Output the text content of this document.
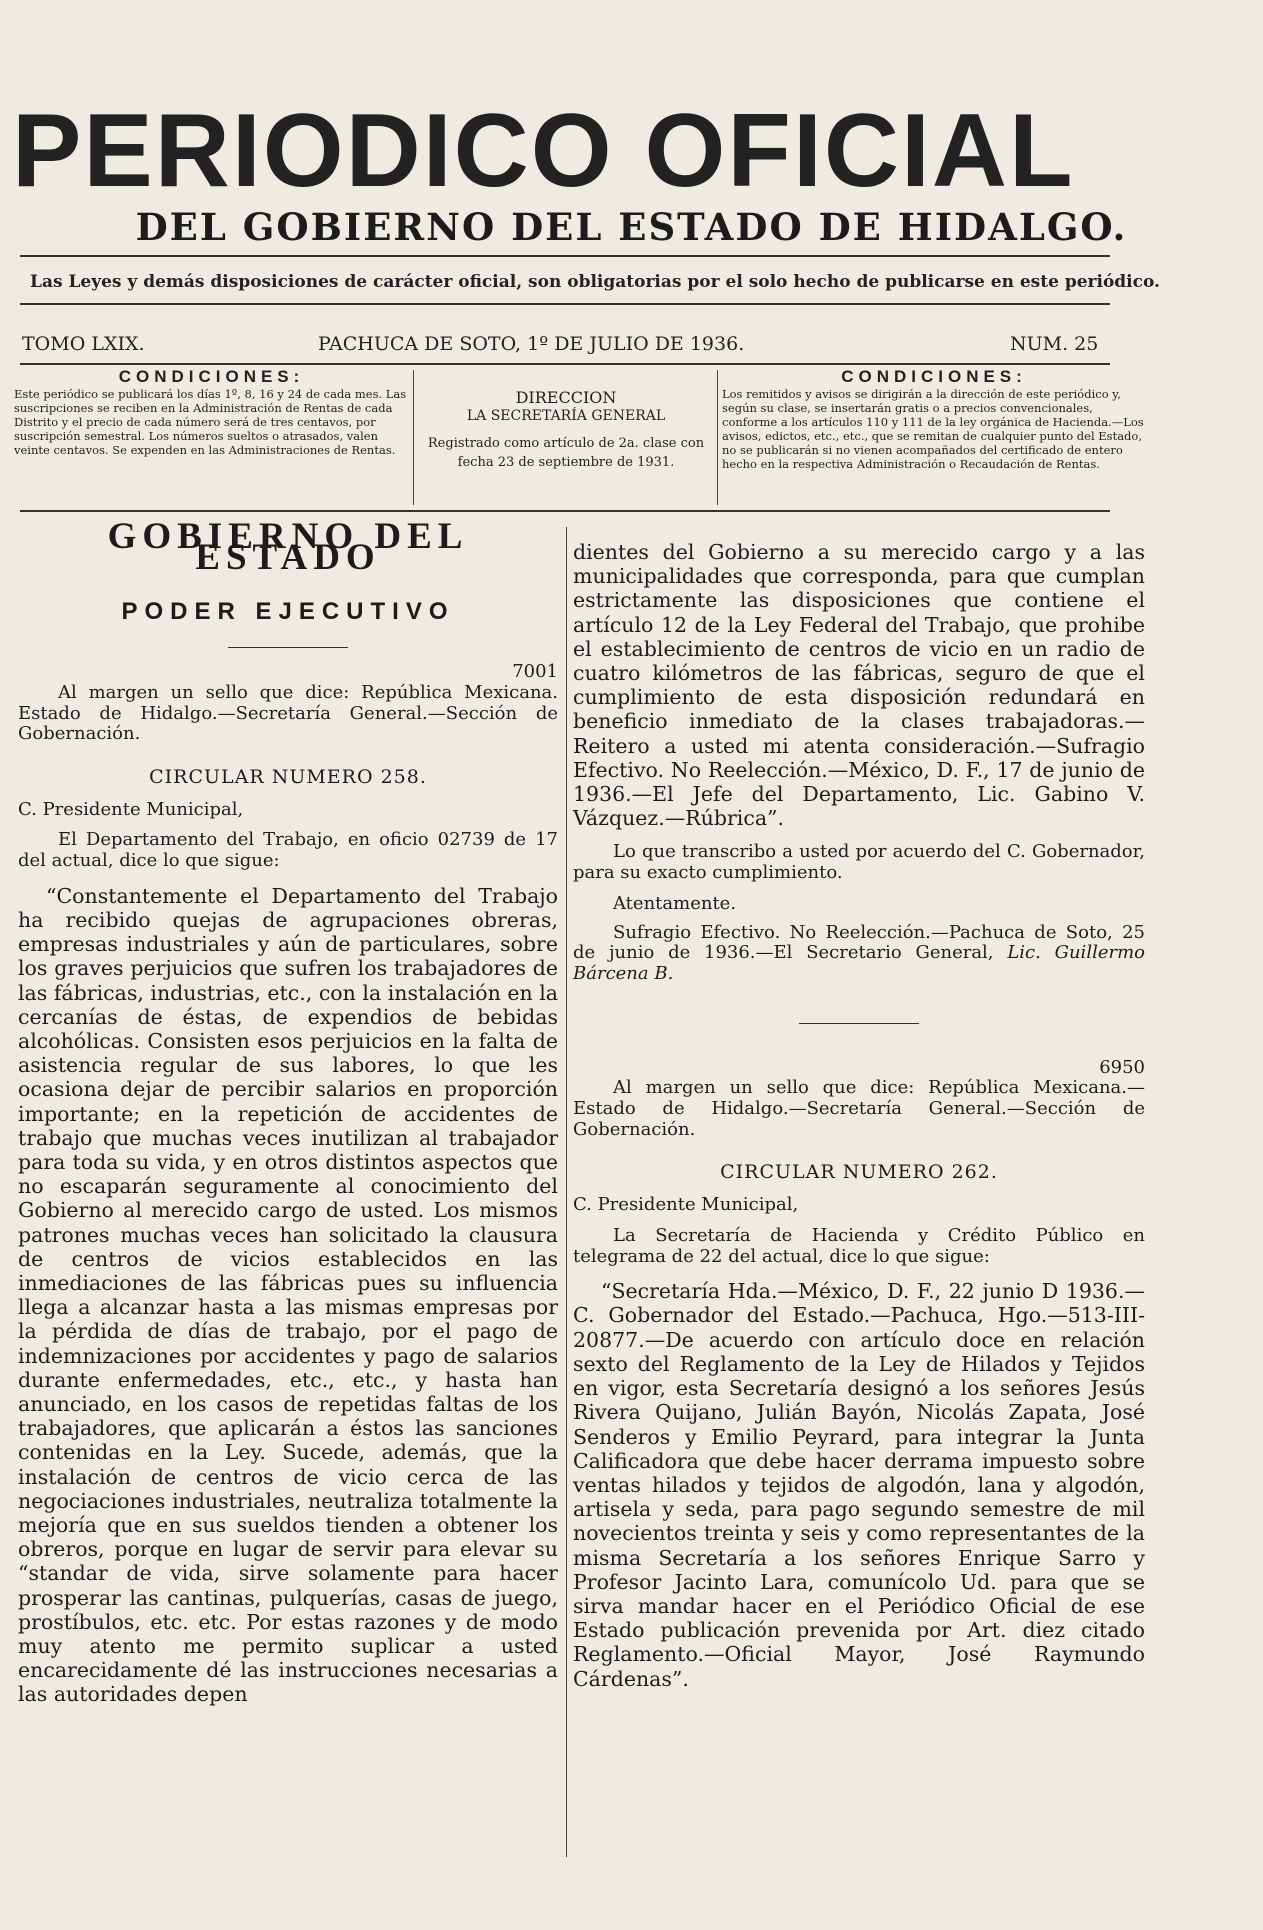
PERIODICO OFICIAL
DEL GOBIERNO DEL ESTADO DE HIDALGO.
Las Leyes y demás disposiciones de carácter oficial, son obligatorias por el solo hecho de publicarse en este periódico.
TOMO LXIX.	PACHUCA DE SOTO, 1º DE JULIO DE 1936.	NUM. 25
CONDICIONES:
Este periódico se publicará los días 1º, 8, 16 y 24 de cada mes. Las suscripciones se reciben en la Administración de Rentas de cada Distrito y el precio de cada número será de tres centavos, por suscripción semestral. Los números sueltos o atrasados, valen veinte centavos. Se expenden en las Administraciones de Rentas.
DIRECCION
LA SECRETARÍA GENERAL
Registrado como artículo de 2a. clase con fecha 23 de septiembre de 1931.
CONDICIONES:
Los remitidos y avisos se dirigirán a la dirección de este periódico y, según su clase, se insertarán gratis o a precios convencionales, conforme a los artículos 110 y 111 de la ley orgánica de Hacienda.—Los avisos, edictos, etc., etc., que se remitan de cualquier punto del Estado, no se publicarán si no vienen acompañados del certificado de entero hecho en la respectiva Administración o Recaudación de Rentas.

GOBIERNO DEL ESTADO

PODER EJECUTIVO

7001

Al margen un sello que dice: República Mexicana. Estado de Hidalgo.—Secretaría General.—Sección de Gobernación.

CIRCULAR NUMERO 258.

C. Presidente Municipal,

El Departamento del Trabajo, en oficio 02739 de 17 del actual, dice lo que sigue:

“Constantemente el Departamento del Trabajo ha recibido quejas de agrupaciones obreras, empresas industriales y aún de particulares, sobre los graves perjuicios que sufren los trabajadores de las fábricas, industrias, etc., con la instalación en la cercanías de éstas, de expendios de bebidas alcohólicas. Consisten esos perjuicios en la falta de asistencia regular de sus labores, lo que les ocasiona dejar de percibir salarios en proporción importante; en la repetición de accidentes de trabajo que muchas veces inutilizan al trabajador para toda su vida, y en otros distintos aspectos que no escaparán seguramente al conocimiento del Gobierno al merecido cargo de usted. Los mismos patrones muchas veces han solicitado la clausura de centros de vicios establecidos en las inmediaciones de las fábricas pues su influencia llega a alcanzar hasta a las mismas empresas por la pérdida de días de trabajo, por el pago de indemnizaciones por accidentes y pago de salarios durante enfermedades, etc., etc., y hasta han anunciado, en los casos de repetidas faltas de los trabajadores, que aplicarán a éstos las sanciones contenidas en la Ley. Sucede, además, que la instalación de centros de vicio cerca de las negociaciones industriales, neutraliza totalmente la mejoría que en sus sueldos tienden a obtener los obreros, porque en lugar de servir para elevar su “standar de vida, sirve solamente para hacer prosperar las cantinas, pulquerías, casas de juego, prostíbulos, etc. etc. Por estas razones y de modo muy atento me permito suplicar a usted encarecidamente dé las instrucciones necesarias a las autoridades depen

dientes del Gobierno a su merecido cargo y a las municipalidades que corresponda, para que cumplan estrictamente las disposiciones que contiene el artículo 12 de la Ley Federal del Trabajo, que prohibe el establecimiento de centros de vicio en un radio de cuatro kilómetros de las fábricas, seguro de que el cumplimiento de esta disposición redundará en beneficio inmediato de la clases trabajadoras.—Reitero a usted mi atenta consideración.—Sufragio Efectivo. No Reelección.—México, D. F., 17 de junio de 1936.—El Jefe del Departamento, Lic. Gabino V. Vázquez.—Rúbrica”.

Lo que transcribo a usted por acuerdo del C. Gobernador, para su exacto cumplimiento.

Atentamente.

Sufragio Efectivo. No Reelección.—Pachuca de Soto, 25 de junio de 1936.—El Secretario General, Lic. Guillermo Bárcena B.

6950

Al margen un sello que dice: República Mexicana.—Estado de Hidalgo.—Secretaría General.—Sección de Gobernación.

CIRCULAR NUMERO 262.

C. Presidente Municipal,

La Secretaría de Hacienda y Crédito Público en telegrama de 22 del actual, dice lo que sigue:

“Secretaría Hda.—México, D. F., 22 junio D 1936.—C. Gobernador del Estado.—Pachuca, Hgo.—513-III-20877.—De acuerdo con artículo doce en relación sexto del Reglamento de la Ley de Hilados y Tejidos en vigor, esta Secretaría designó a los señores Jesús Rivera Quijano, Julián Bayón, Nicolás Zapata, José Senderos y Emilio Peyrard, para integrar la Junta Calificadora que debe hacer derrama impuesto sobre ventas hilados y tejidos de algodón, lana y algodón, artisela y seda, para pago segundo semestre de mil novecientos treinta y seis y como representantes de la misma Secretaría a los señores Enrique Sarro y Profesor Jacinto Lara, comunícolo Ud. para que se sirva mandar hacer en el Periódico Oficial de ese Estado publicación prevenida por Art. diez citado Reglamento.—Oficial Mayor, José Raymundo Cárdenas”.
